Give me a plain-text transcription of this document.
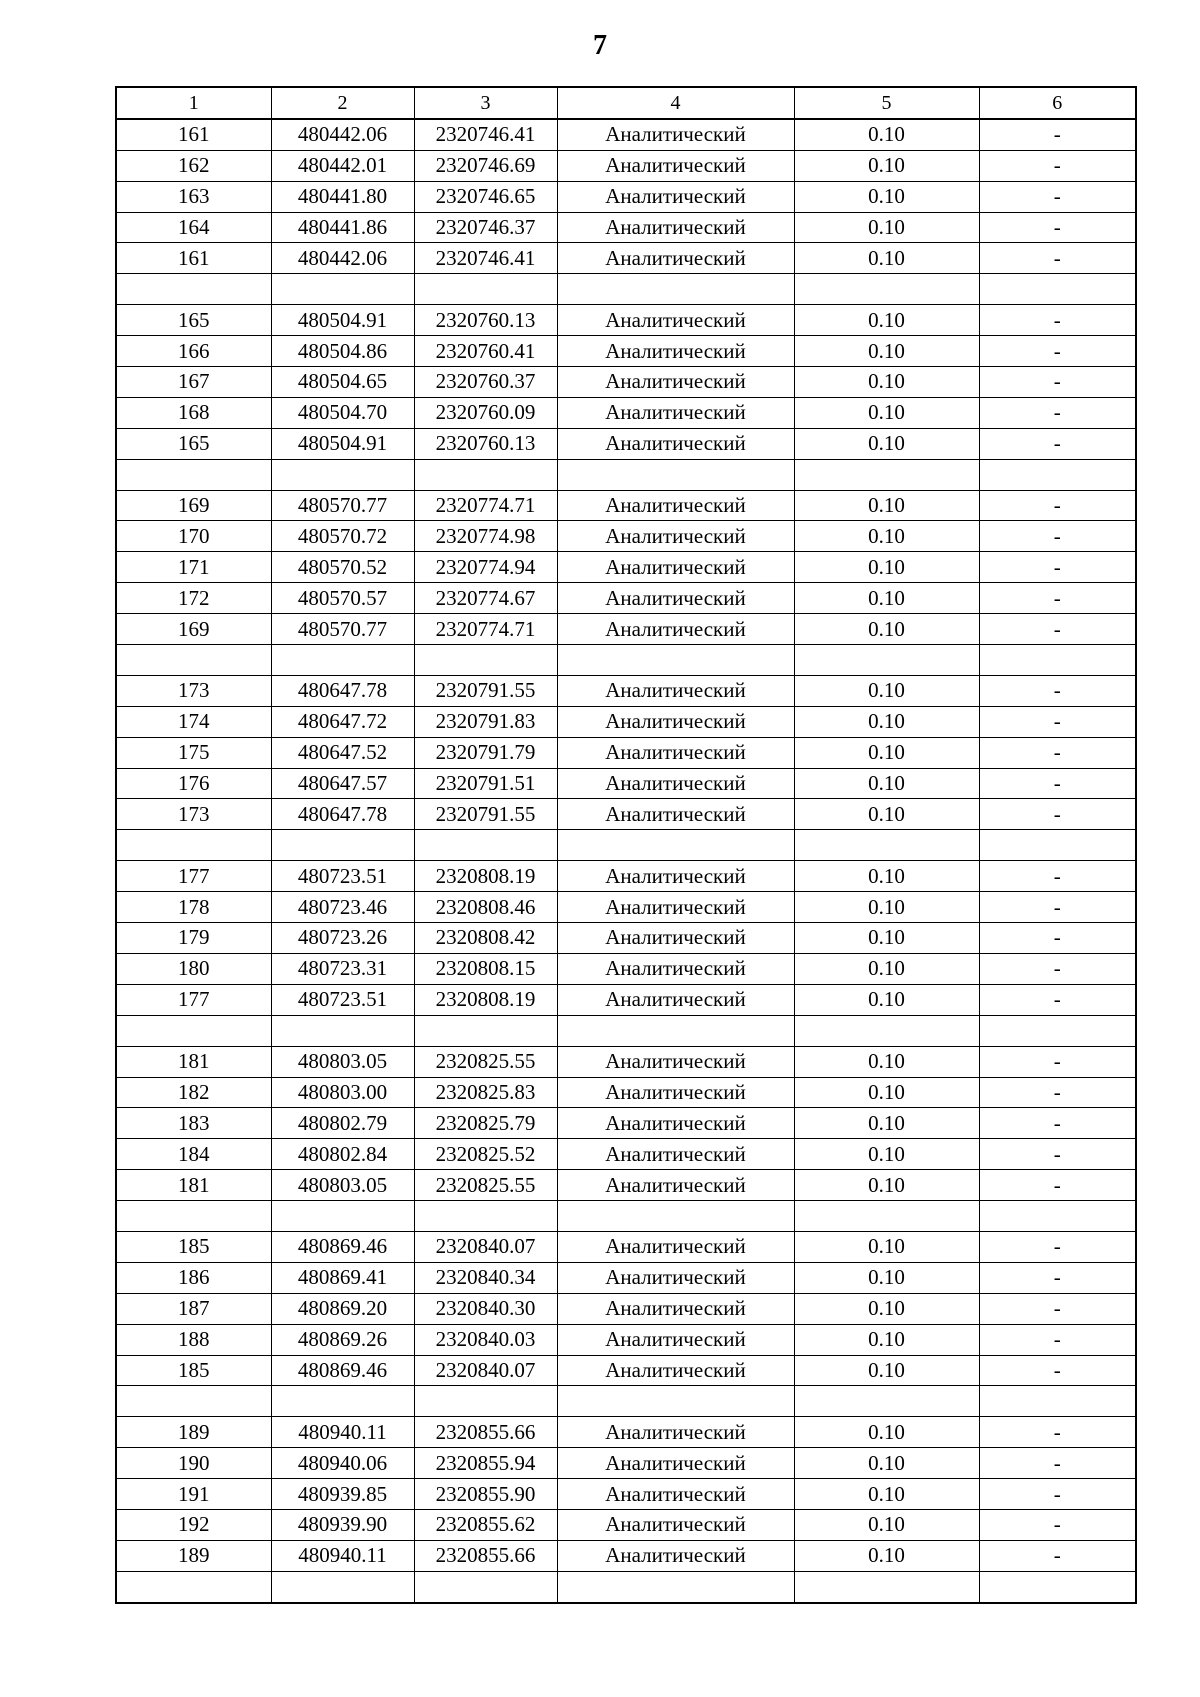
7
1	2	3	4	5	6
161	480442.06	2320746.41	Аналитический	0.10	-
162	480442.01	2320746.69	Аналитический	0.10	-
163	480441.80	2320746.65	Аналитический	0.10	-
164	480441.86	2320746.37	Аналитический	0.10	-
161	480442.06	2320746.41	Аналитический	0.10	-

165	480504.91	2320760.13	Аналитический	0.10	-
166	480504.86	2320760.41	Аналитический	0.10	-
167	480504.65	2320760.37	Аналитический	0.10	-
168	480504.70	2320760.09	Аналитический	0.10	-
165	480504.91	2320760.13	Аналитический	0.10	-

169	480570.77	2320774.71	Аналитический	0.10	-
170	480570.72	2320774.98	Аналитический	0.10	-
171	480570.52	2320774.94	Аналитический	0.10	-
172	480570.57	2320774.67	Аналитический	0.10	-
169	480570.77	2320774.71	Аналитический	0.10	-

173	480647.78	2320791.55	Аналитический	0.10	-
174	480647.72	2320791.83	Аналитический	0.10	-
175	480647.52	2320791.79	Аналитический	0.10	-
176	480647.57	2320791.51	Аналитический	0.10	-
173	480647.78	2320791.55	Аналитический	0.10	-

177	480723.51	2320808.19	Аналитический	0.10	-
178	480723.46	2320808.46	Аналитический	0.10	-
179	480723.26	2320808.42	Аналитический	0.10	-
180	480723.31	2320808.15	Аналитический	0.10	-
177	480723.51	2320808.19	Аналитический	0.10	-

181	480803.05	2320825.55	Аналитический	0.10	-
182	480803.00	2320825.83	Аналитический	0.10	-
183	480802.79	2320825.79	Аналитический	0.10	-
184	480802.84	2320825.52	Аналитический	0.10	-
181	480803.05	2320825.55	Аналитический	0.10	-

185	480869.46	2320840.07	Аналитический	0.10	-
186	480869.41	2320840.34	Аналитический	0.10	-
187	480869.20	2320840.30	Аналитический	0.10	-
188	480869.26	2320840.03	Аналитический	0.10	-
185	480869.46	2320840.07	Аналитический	0.10	-

189	480940.11	2320855.66	Аналитический	0.10	-
190	480940.06	2320855.94	Аналитический	0.10	-
191	480939.85	2320855.90	Аналитический	0.10	-
192	480939.90	2320855.62	Аналитический	0.10	-
189	480940.11	2320855.66	Аналитический	0.10	-
